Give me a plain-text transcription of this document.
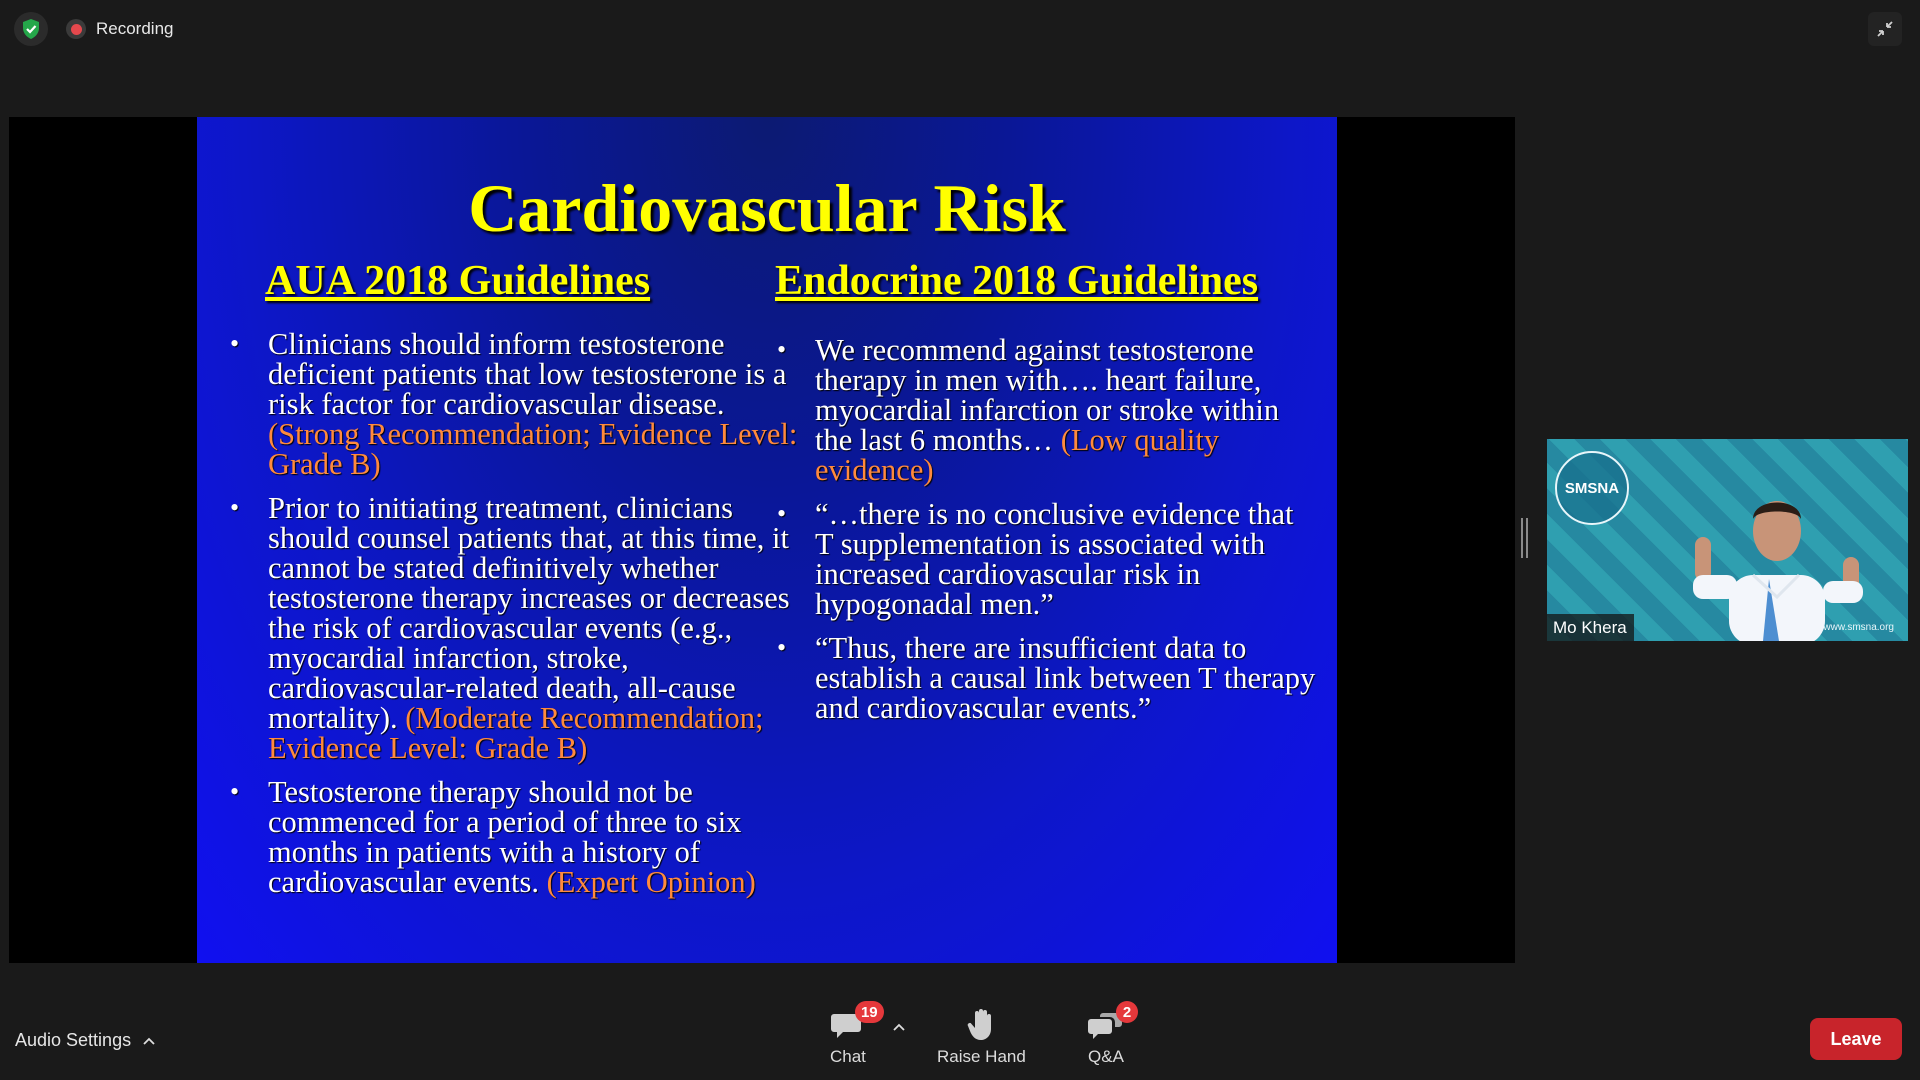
Recording
Cardiovascular Risk
AUA 2018 Guidelines	Endocrine 2018 Guidelines
• Clinicians should inform testosterone deficient patients that low testosterone is a risk factor for cardiovascular disease. (Strong Recommendation; Evidence Level: Grade B)
• Prior to initiating treatment, clinicians should counsel patients that, at this time, it cannot be stated definitively whether testosterone therapy increases or decreases the risk of cardiovascular events (e.g., myocardial infarction, stroke, cardiovascular-related death, all-cause mortality). (Moderate Recommendation; Evidence Level: Grade B)
• Testosterone therapy should not be commenced for a period of three to six months in patients with a history of cardiovascular events. (Expert Opinion)
• We recommend against testosterone therapy in men with…. heart failure, myocardial infarction or stroke within the last 6 months… (Low quality evidence)
• “…there is no conclusive evidence that T supplementation is associated with increased cardiovascular risk in hypogonadal men.”
• “Thus, there are insufficient data to establish a causal link between T therapy and cardiovascular events.”
SMSNA
www.smsna.org
Mo Khera
Audio Settings
19
Chat	Raise Hand
2
Q&A
Leave
